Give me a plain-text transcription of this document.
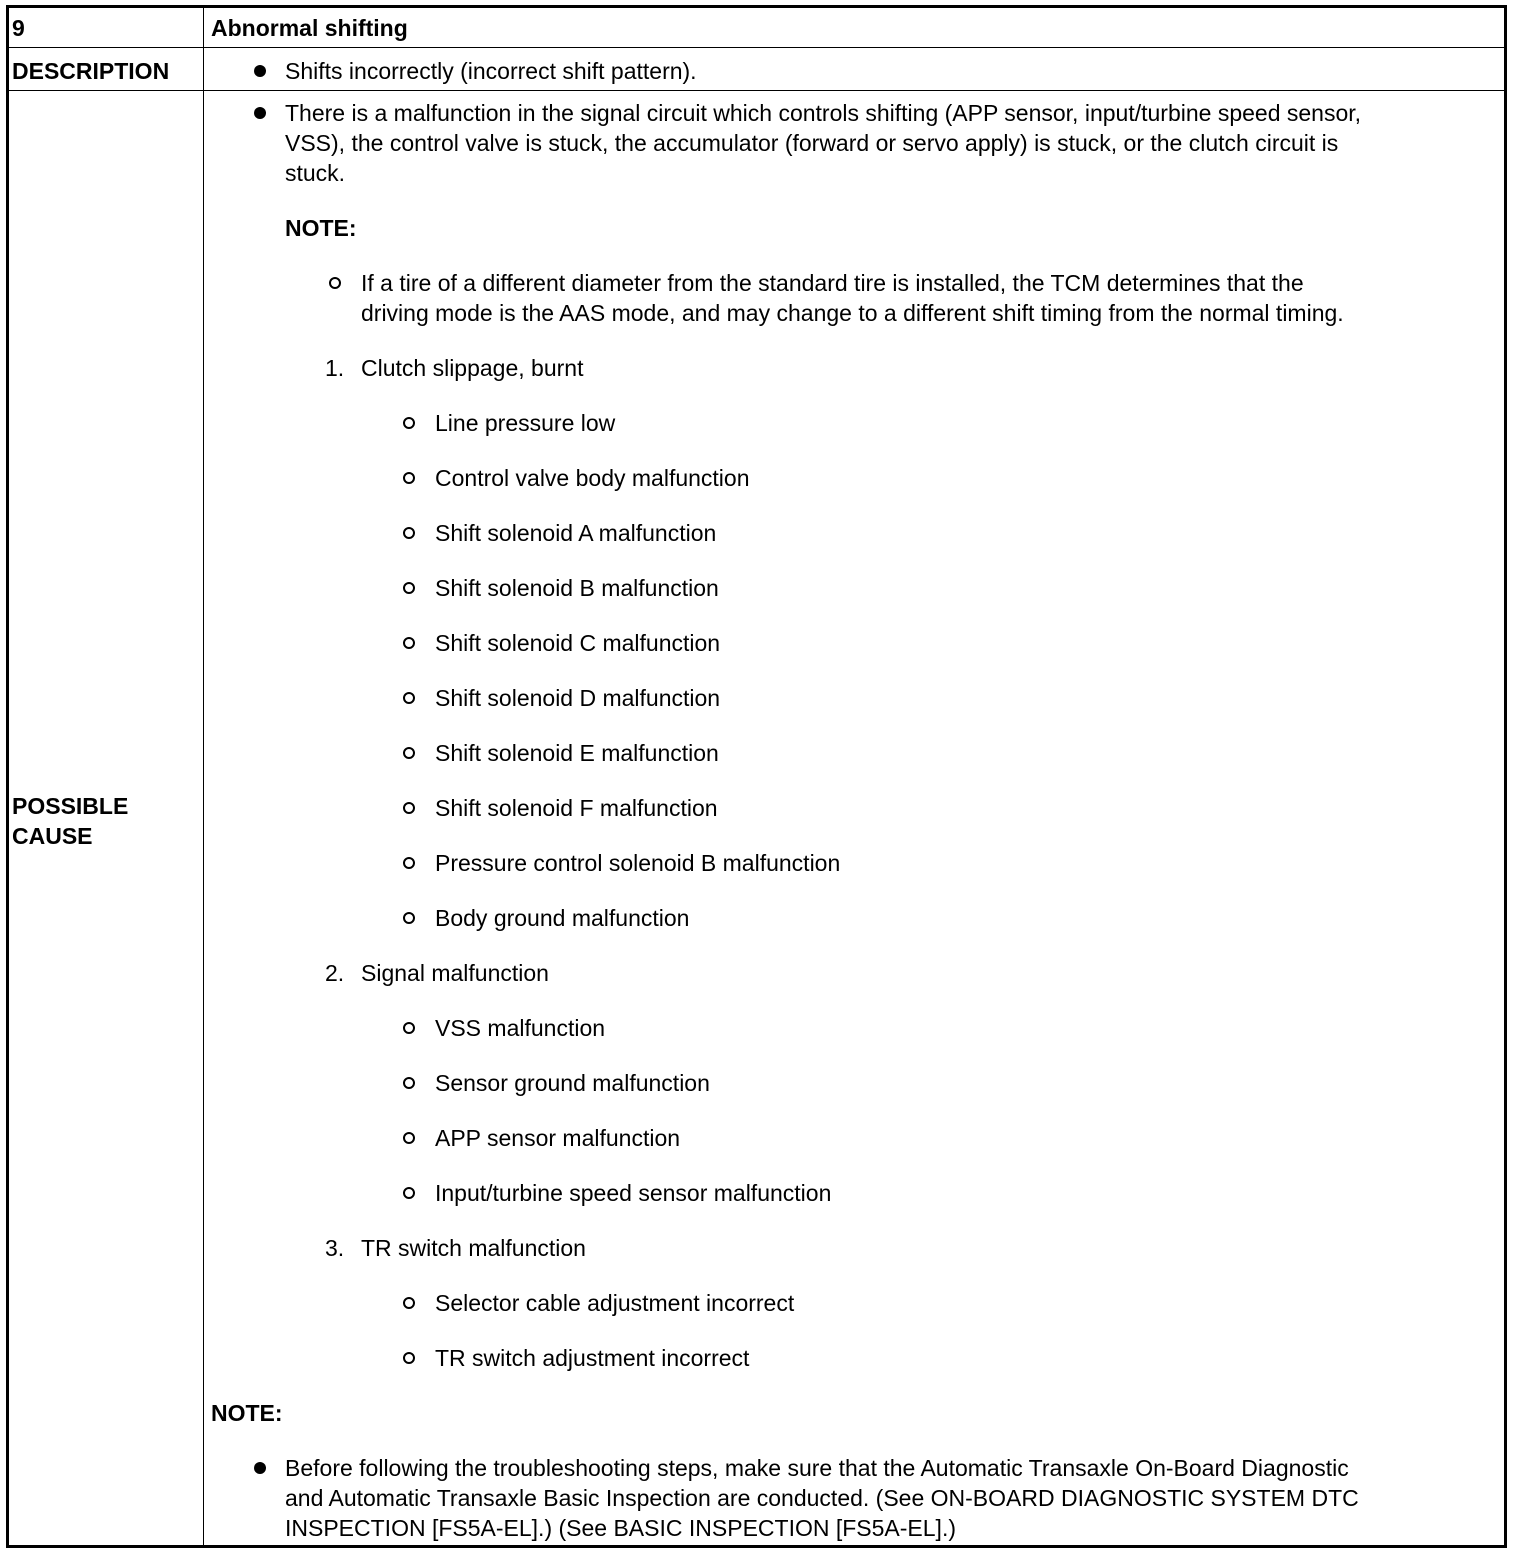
9	Abnormal shifting
DESCRIPTION	Shifts incorrectly (incorrect shift pattern).
POSSIBLE
CAUSE
There is a malfunction in the signal circuit which controls shifting (APP sensor, input/turbine speed sensor,
VSS), the control valve is stuck, the accumulator (forward or servo apply) is stuck, or the clutch circuit is
stuck.
NOTE:
If a tire of a different diameter from the standard tire is installed, the TCM determines that the
driving mode is the AAS mode, and may change to a different shift timing from the normal timing.
1. Clutch slippage, burnt
Line pressure low
Control valve body malfunction
Shift solenoid A malfunction
Shift solenoid B malfunction
Shift solenoid C malfunction
Shift solenoid D malfunction
Shift solenoid E malfunction
Shift solenoid F malfunction
Pressure control solenoid B malfunction
Body ground malfunction
2. Signal malfunction
VSS malfunction
Sensor ground malfunction
APP sensor malfunction
Input/turbine speed sensor malfunction
3. TR switch malfunction
Selector cable adjustment incorrect
TR switch adjustment incorrect
NOTE:
Before following the troubleshooting steps, make sure that the Automatic Transaxle On-Board Diagnostic
and Automatic Transaxle Basic Inspection are conducted. (See ON-BOARD DIAGNOSTIC SYSTEM DTC
INSPECTION [FS5A-EL].) (See BASIC INSPECTION [FS5A-EL].)
